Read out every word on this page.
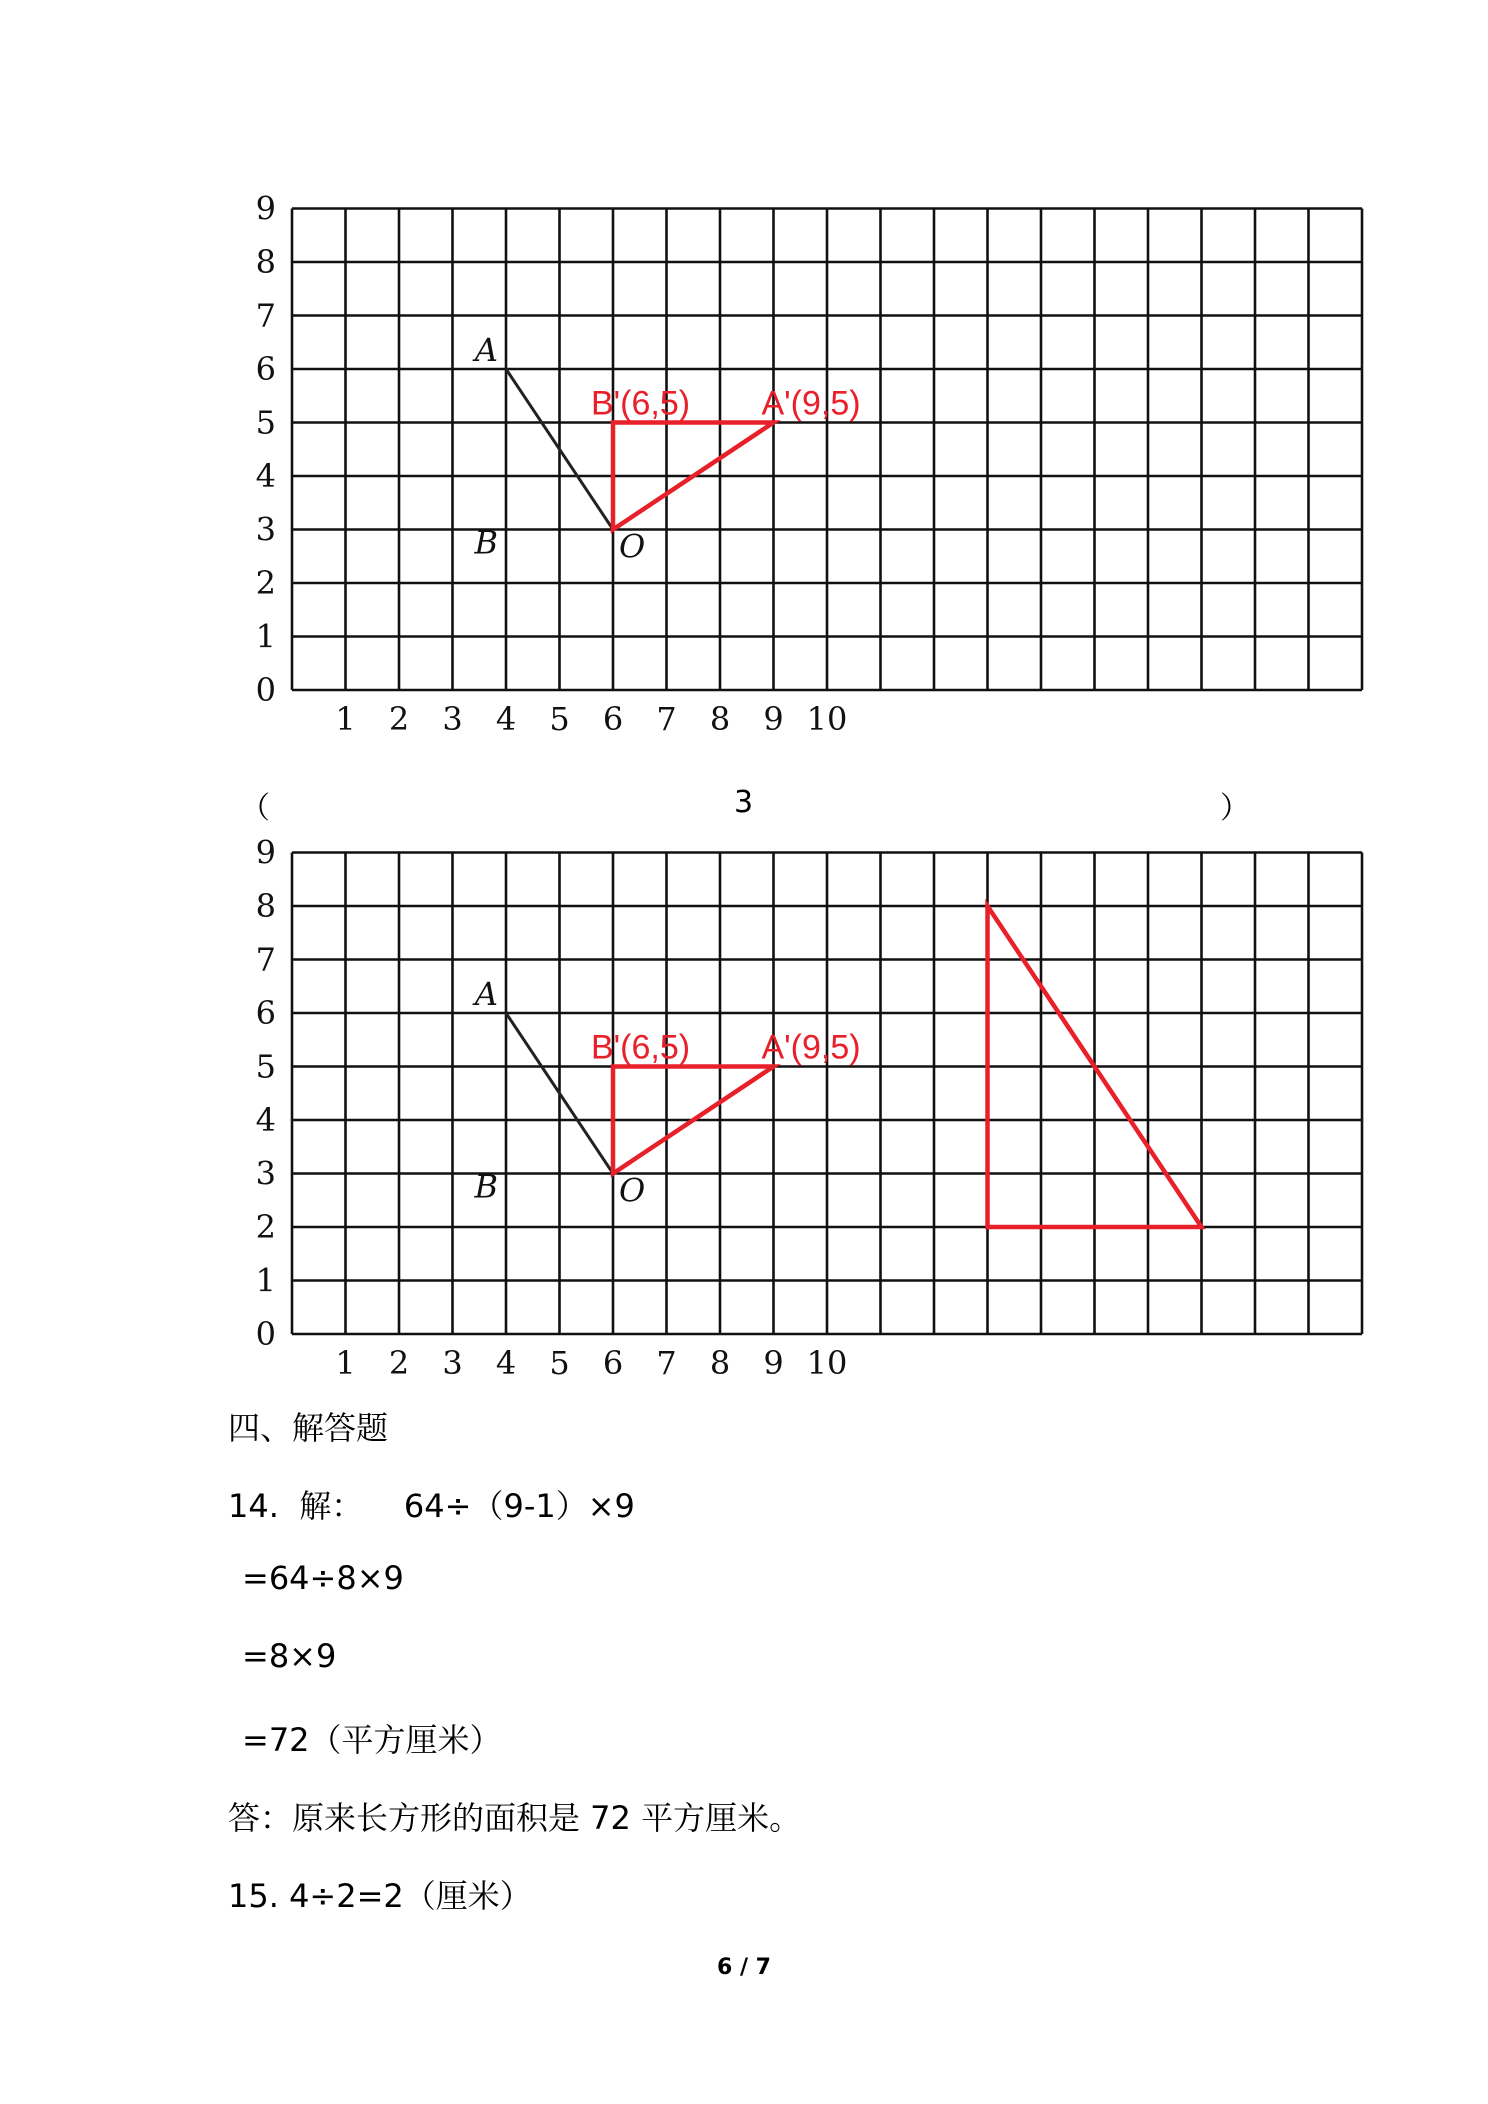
0
1
2
3
4
5
6
7
8
9
1 2 3 4 5 6 7 8 9 10
A
B	O
B'(6,5) A'(9,5)
（	3	）
0
1
2
3
4
5
6
7
8
9
1 2 3 4 5 6 7 8 9 10
A
B	O
B'(6,5) A'(9,5)
四、解答题
14.  解：    64÷（9-1）×9
=64÷8×9
=8×9
=72（平方厘米）
答：原来长方形的面积是 72 平方厘米。
15. 4÷2=2（厘米）
6 / 7
